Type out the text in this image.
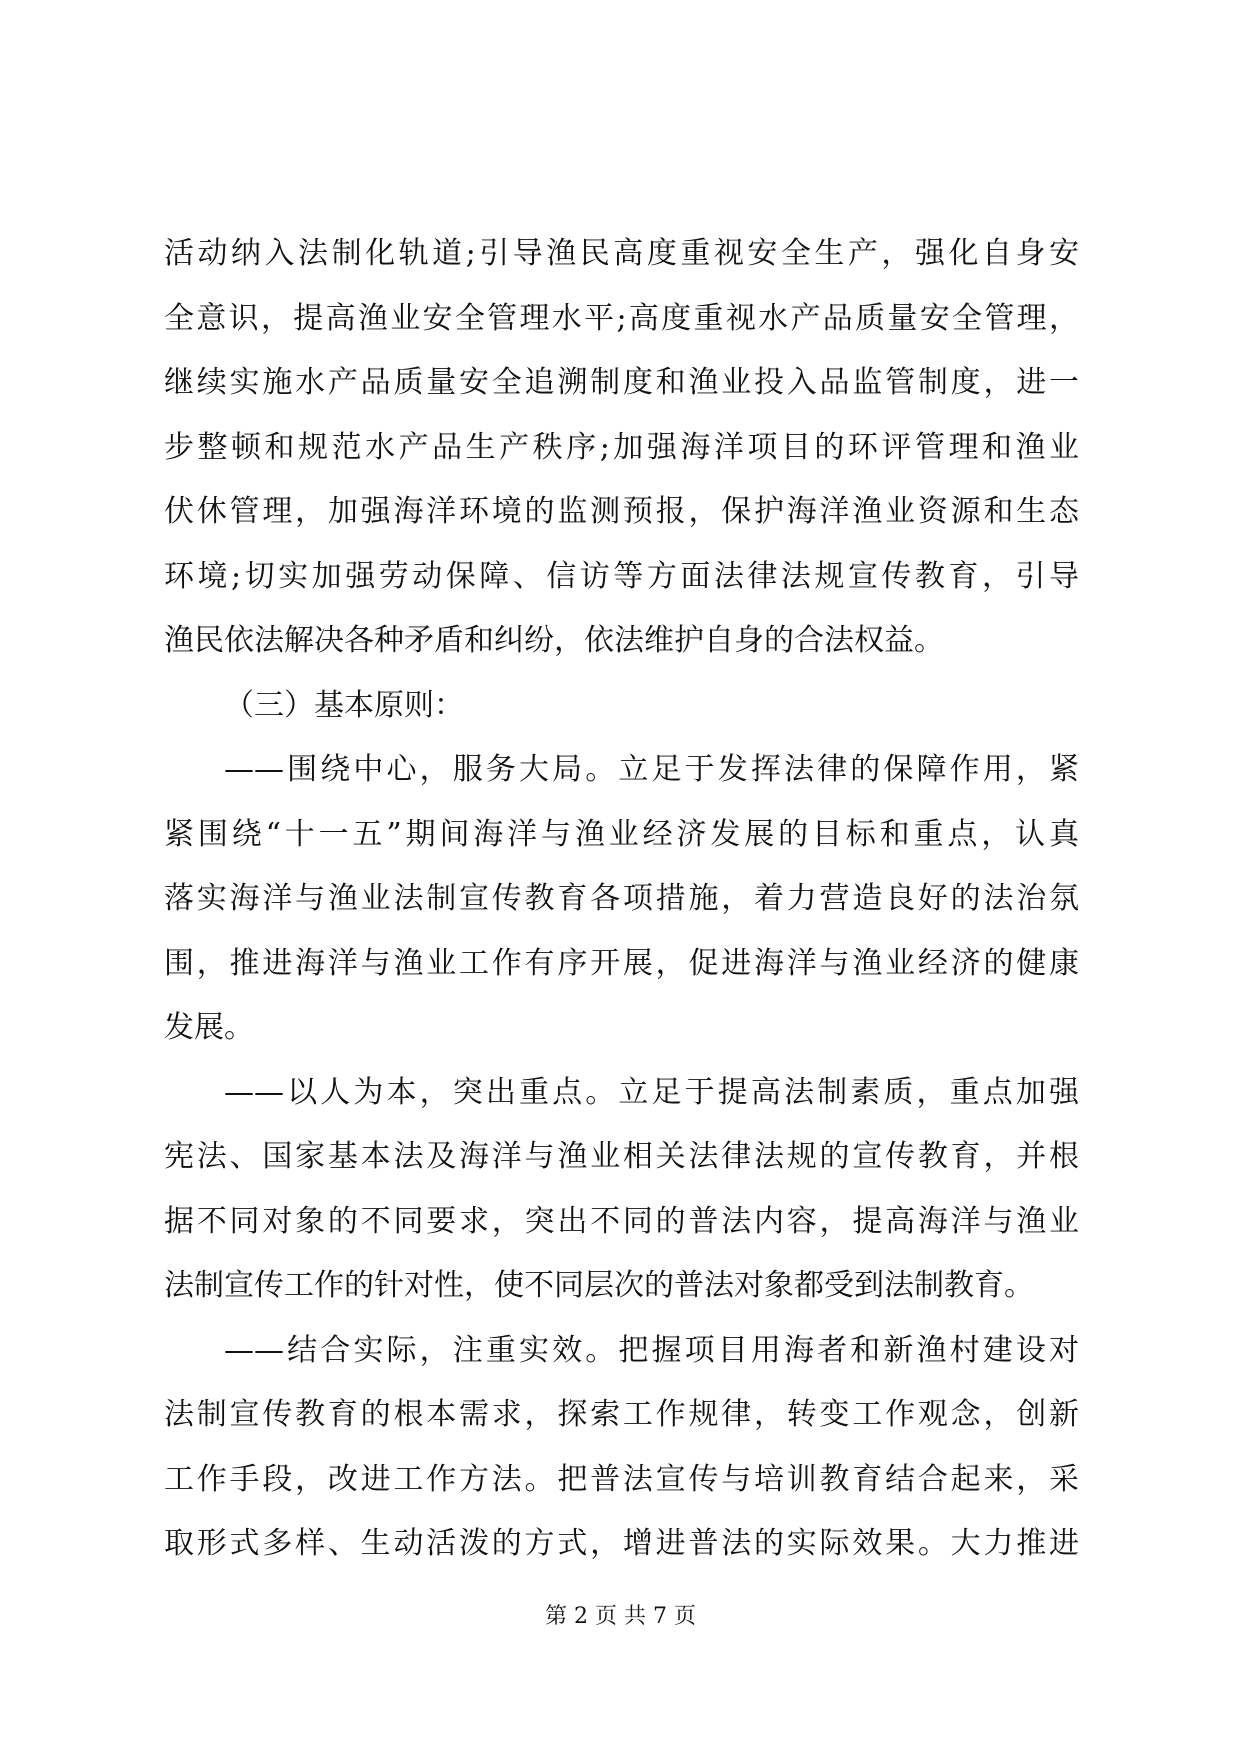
活动纳入法制化轨道;引导渔民高度重视安全生产，强化自身安
全意识，提高渔业安全管理水平;高度重视水产品质量安全管理，
继续实施水产品质量安全追溯制度和渔业投入品监管制度，进一
步整顿和规范水产品生产秩序;加强海洋项目的环评管理和渔业
伏休管理，加强海洋环境的监测预报，保护海洋渔业资源和生态
环境;切实加强劳动保障、信访等方面法律法规宣传教育，引导
渔民依法解决各种矛盾和纠纷，依法维护自身的合法权益。
（三）基本原则：
——围绕中心，服务大局。立足于发挥法律的保障作用，紧
紧围绕“十一五”期间海洋与渔业经济发展的目标和重点，认真
落实海洋与渔业法制宣传教育各项措施，着力营造良好的法治氛
围，推进海洋与渔业工作有序开展，促进海洋与渔业经济的健康
发展。
——以人为本，突出重点。立足于提高法制素质，重点加强
宪法、国家基本法及海洋与渔业相关法律法规的宣传教育，并根
据不同对象的不同要求，突出不同的普法内容，提高海洋与渔业
法制宣传工作的针对性，使不同层次的普法对象都受到法制教育。
——结合实际，注重实效。把握项目用海者和新渔村建设对
法制宣传教育的根本需求，探索工作规律，转变工作观念，创新
工作手段，改进工作方法。把普法宣传与培训教育结合起来，采
取形式多样、生动活泼的方式，增进普法的实际效果。大力推进
第 2 页 共 7 页
